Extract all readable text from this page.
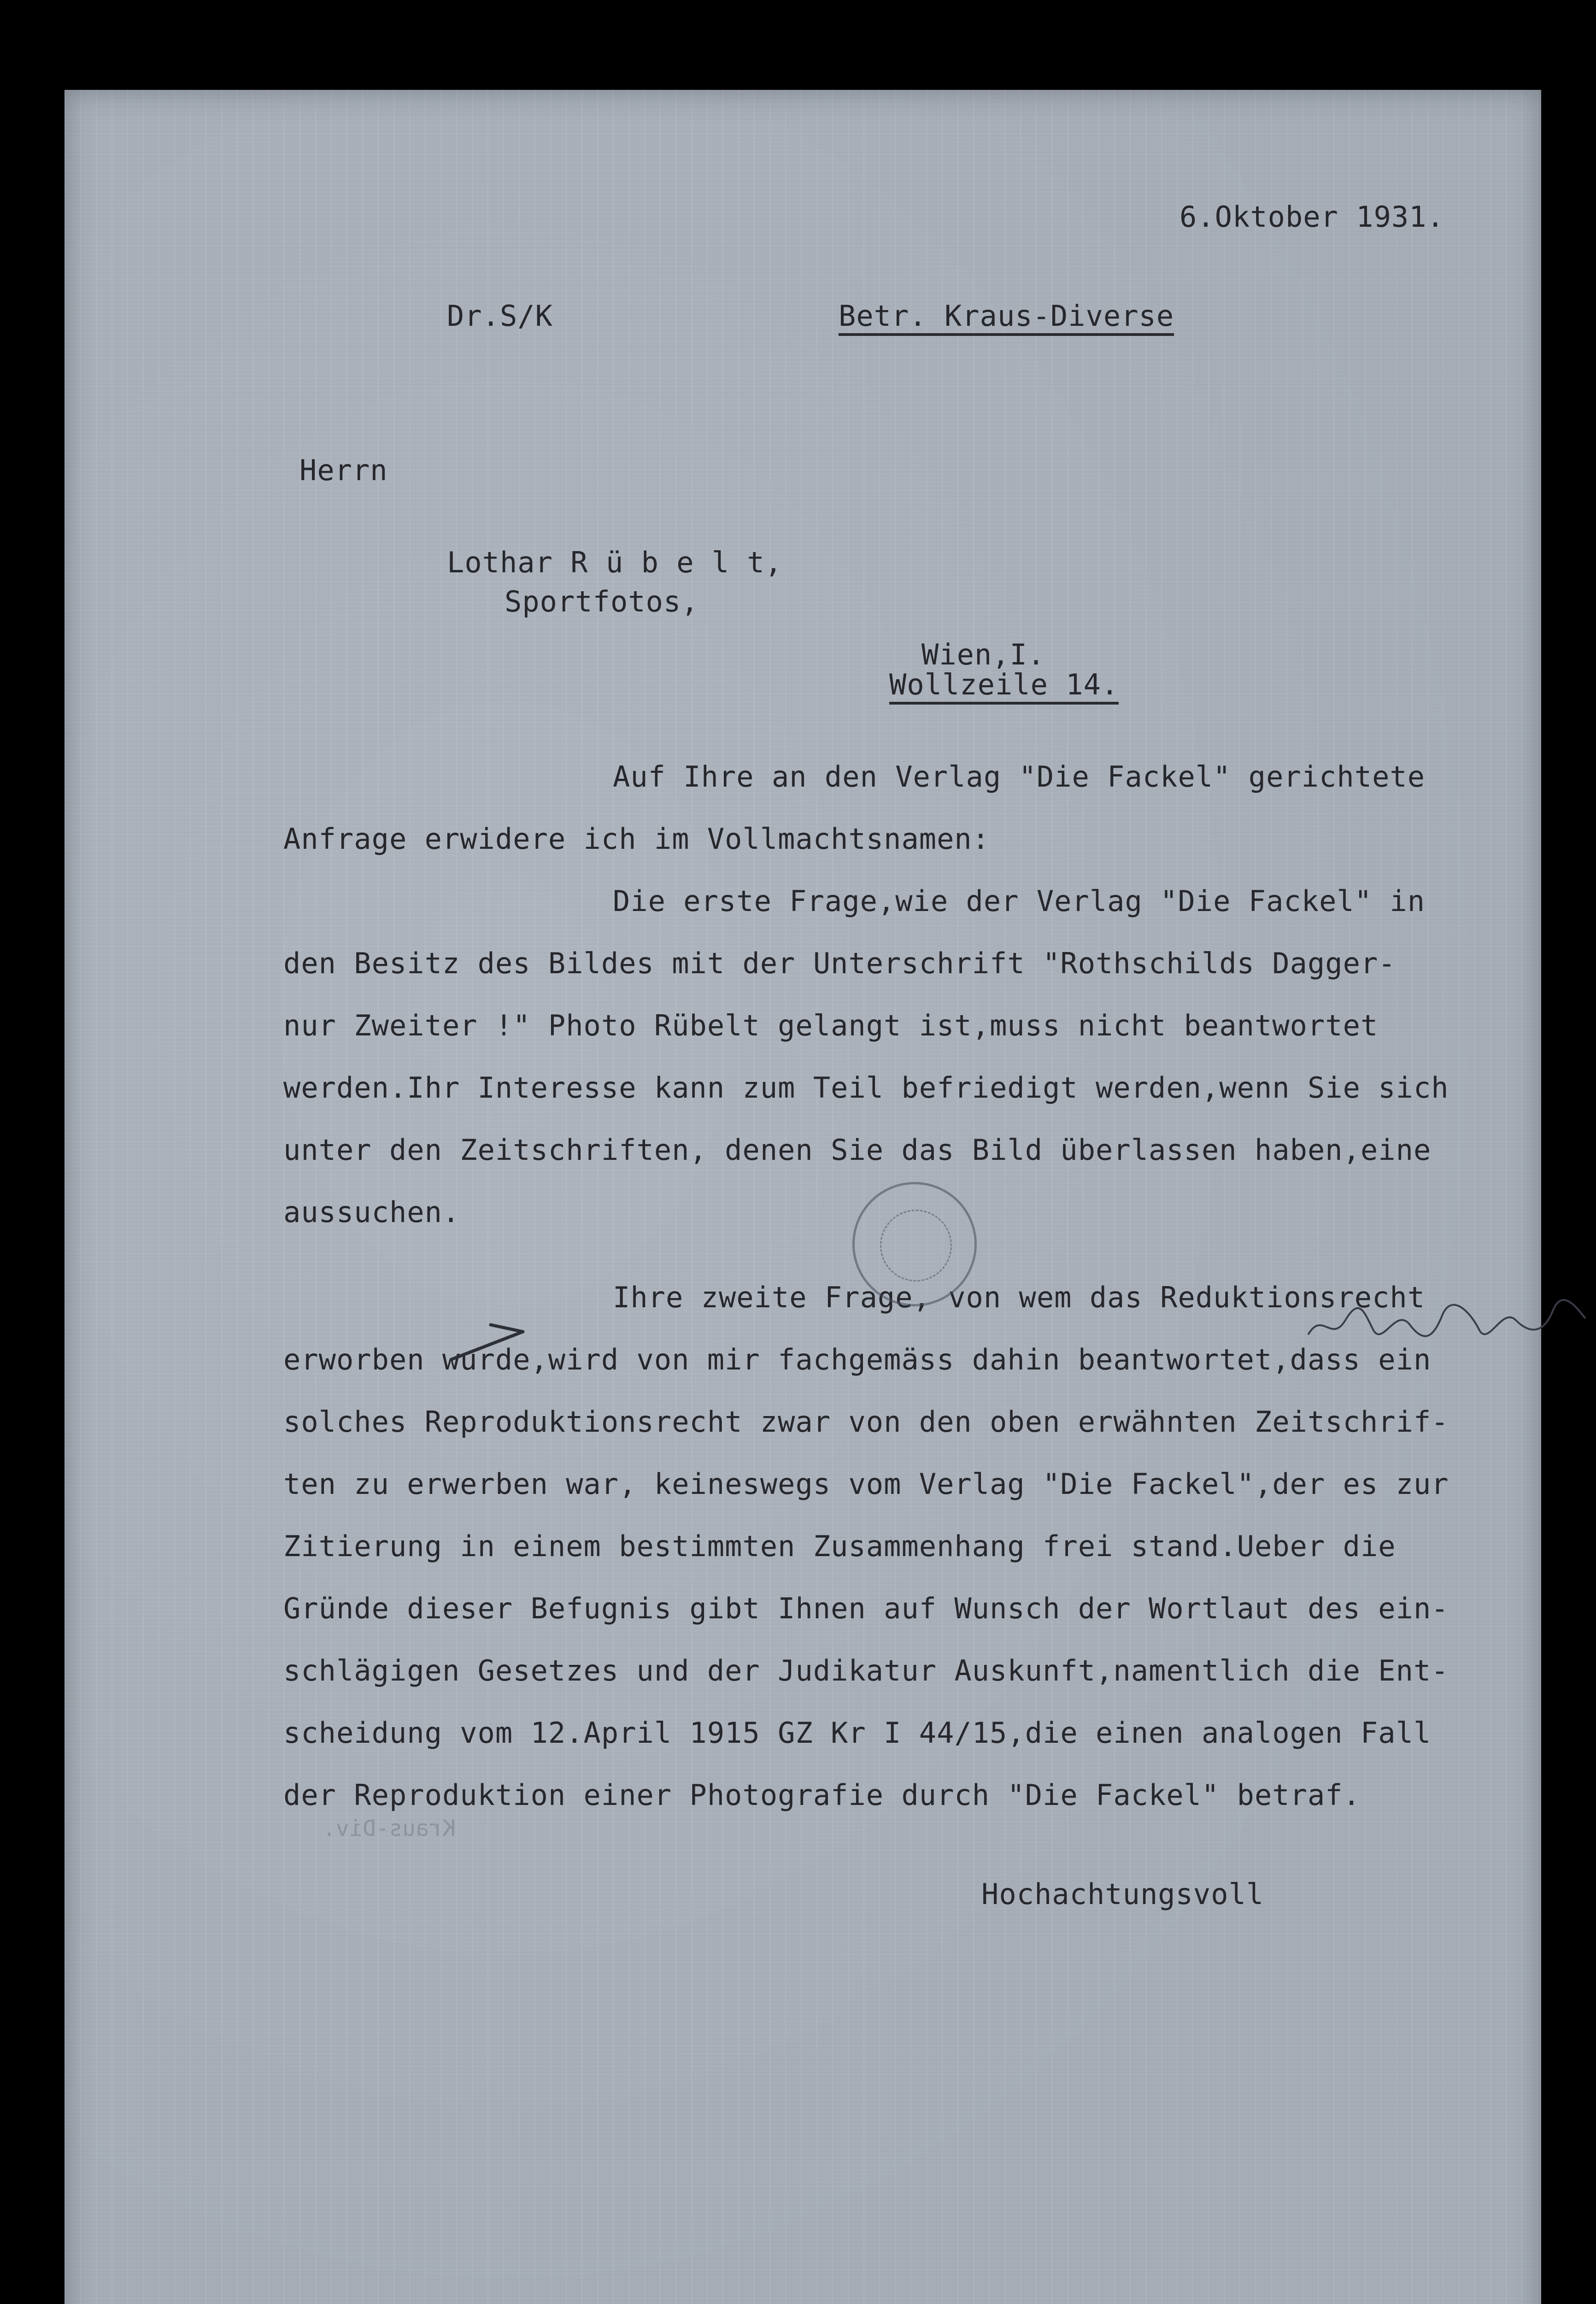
6.Oktober 1931.
Dr.S/K	Betr. Kraus-Diverse
Herrn
Lothar R ü b e l t,
Sportfotos,
Wien,I.
Wollzeile 14.
Auf Ihre an den Verlag "Die Fackel" gerichtete
Anfrage erwidere ich im Vollmachtsnamen:
Die erste Frage,wie der Verlag "Die Fackel" in
den Besitz des Bildes mit der Unterschrift "Rothschilds Dagger-
nur Zweiter !" Photo Rübelt gelangt ist,muss nicht beantwortet
werden.Ihr Interesse kann zum Teil befriedigt werden,wenn Sie sich
unter den Zeitschriften, denen Sie das Bild überlassen haben,eine
aussuchen.
Ihre zweite Frage, von wem das Reduktionsrecht
erworben wurde,wird von mir fachgemäss dahin beantwortet,dass ein
solches Reproduktionsrecht zwar von den oben erwähnten Zeitschrif-
ten zu erwerben war, keineswegs vom Verlag "Die Fackel",der es zur
Zitierung in einem bestimmten Zusammenhang frei stand.Ueber die
Gründe dieser Befugnis gibt Ihnen auf Wunsch der Wortlaut des ein-
schlägigen Gesetzes und der Judikatur Auskunft,namentlich die Ent-
scheidung vom 12.April 1915 GZ Kr I 44/15,die einen analogen Fall
der Reproduktion einer Photografie durch "Die Fackel" betraf.
Hochachtungsvoll
Kraus-Div.
